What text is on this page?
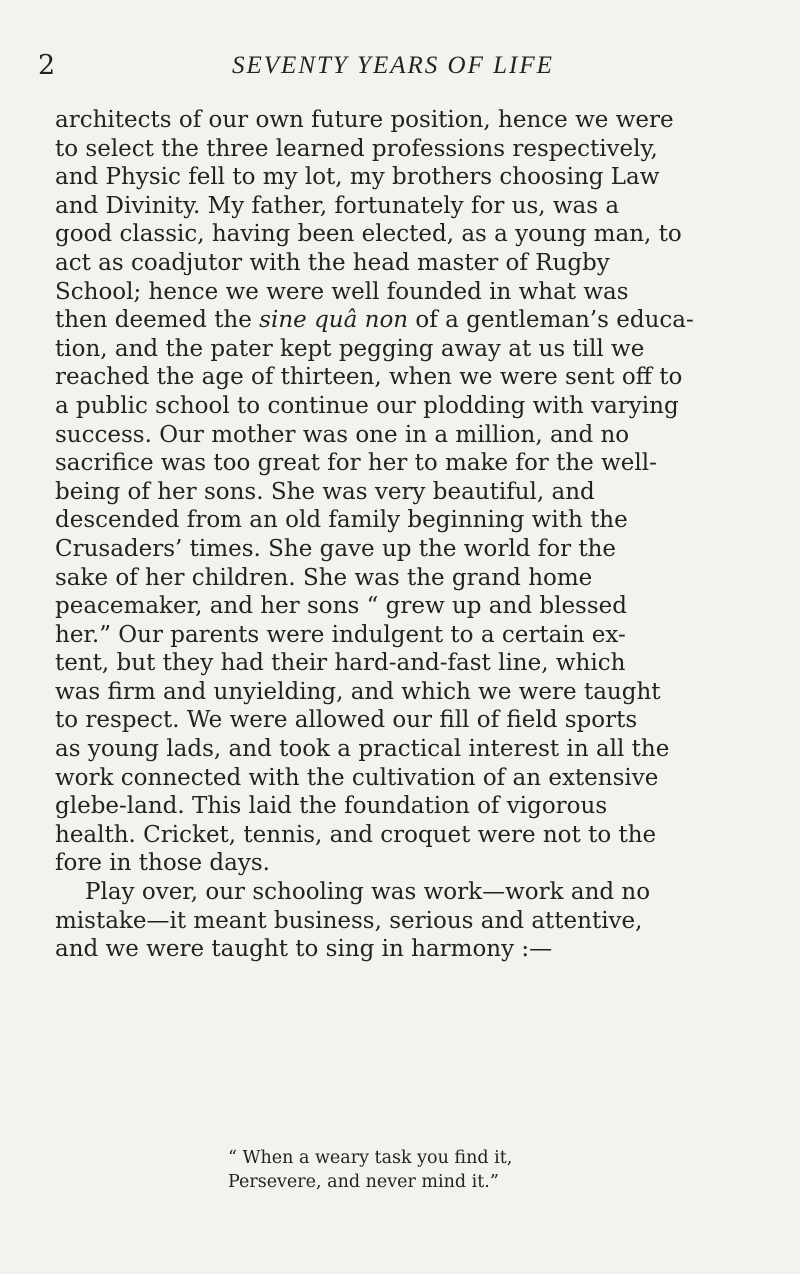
2	SEVENTY YEARS OF LIFE
architects of our own future position, hence we were
to select the three learned professions respectively,
and Physic fell to my lot, my brothers choosing Law
and Divinity. My father, fortunately for us, was a
good classic, having been elected, as a young man, to
act as coadjutor with the head master of Rugby
School; hence we were well founded in what was
then deemed the sine quâ non of a gentleman’s educa-
tion, and the pater kept pegging away at us till we
reached the age of thirteen, when we were sent off to
a public school to continue our plodding with varying
success. Our mother was one in a million, and no
sacrifice was too great for her to make for the well-
being of her sons. She was very beautiful, and
descended from an old family beginning with the
Crusaders’ times. She gave up the world for the
sake of her children. She was the grand home
peacemaker, and her sons “ grew up and blessed
her.” Our parents were indulgent to a certain ex-
tent, but they had their hard-and-fast line, which
was firm and unyielding, and which we were taught
to respect. We were allowed our fill of field sports
as young lads, and took a practical interest in all the
work connected with the cultivation of an extensive
glebe-land. This laid the foundation of vigorous
health. Cricket, tennis, and croquet were not to the
fore in those days.
Play over, our schooling was work—work and no
mistake—it meant business, serious and attentive,
and we were taught to sing in harmony :—
“ When a weary task you find it,
Persevere, and never mind it.”
